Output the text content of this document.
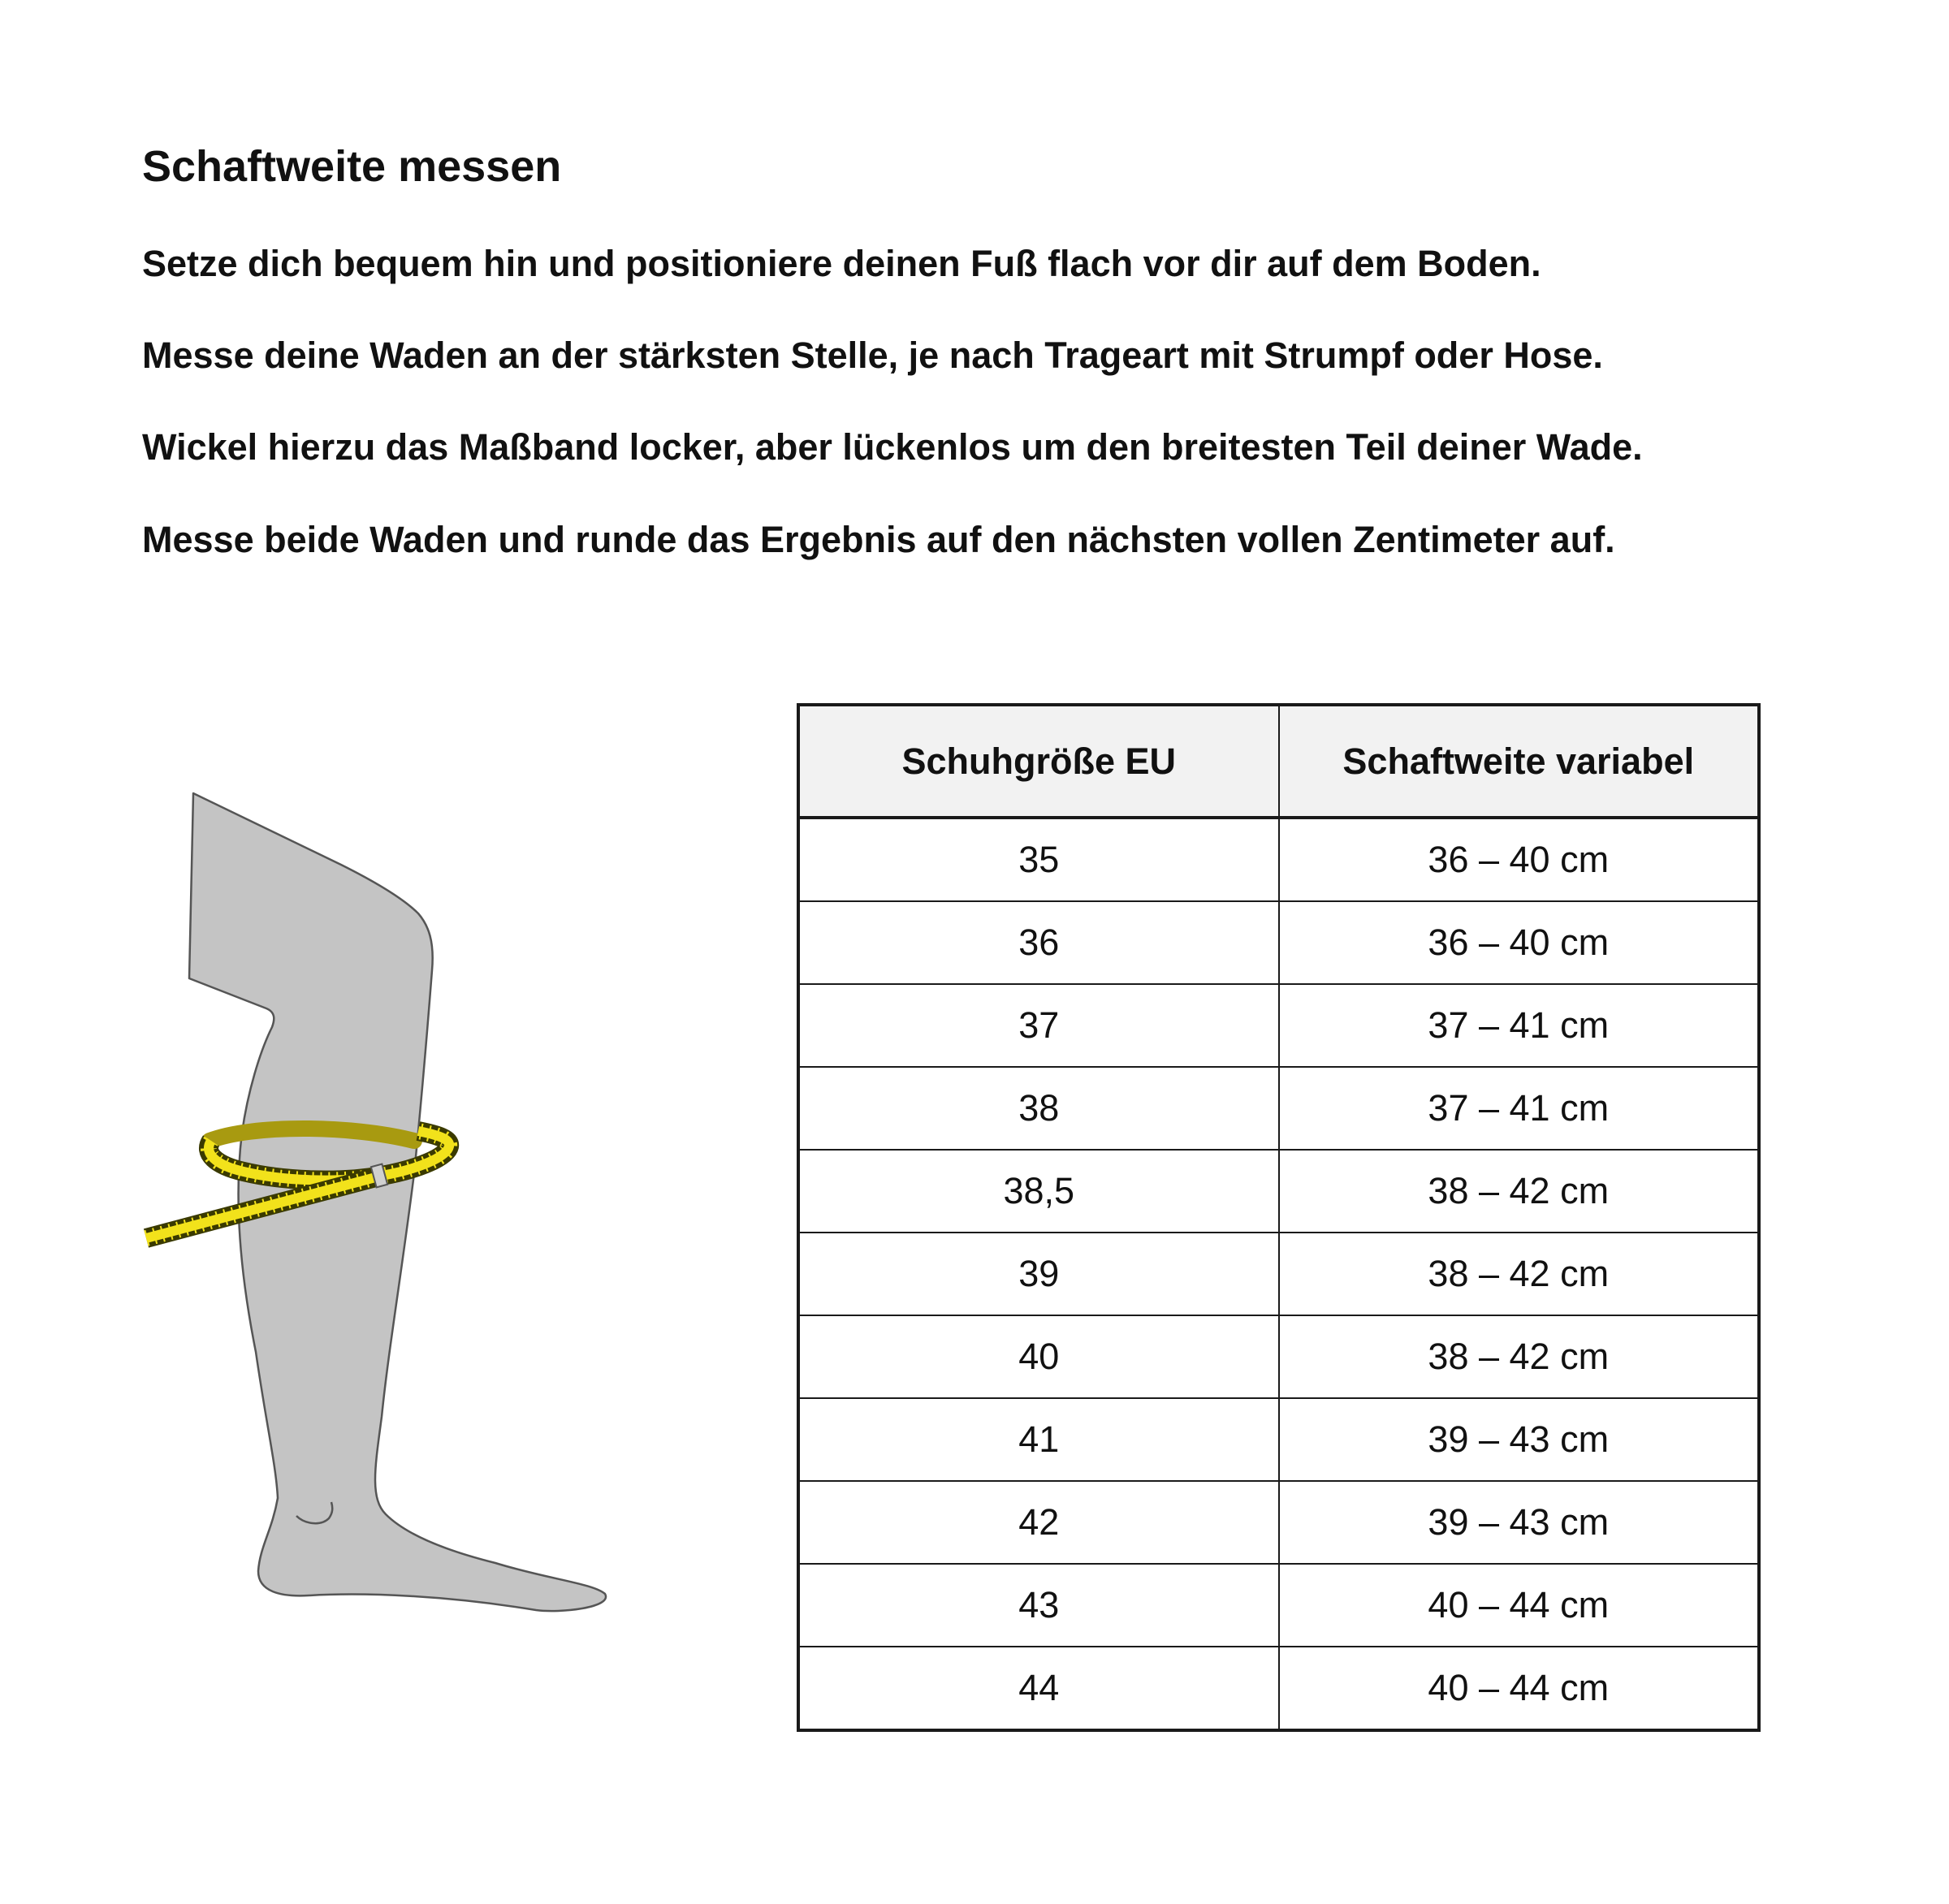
Schaftweite messen

Setze dich bequem hin und positioniere deinen Fuß flach vor dir auf dem Boden.

Messe deine Waden an der stärksten Stelle, je nach Trageart mit Strumpf oder Hose.

Wickel hierzu das Maßband locker, aber lückenlos um den breitesten Teil deiner Wade.

Messe beide Waden und runde das Ergebnis auf den nächsten vollen Zentimeter auf.

Schuhgröße EU	Schaftweite variabel
35	36 – 40 cm
36	36 – 40 cm
37	37 – 41 cm
38	37 – 41 cm
38,5	38 – 42 cm
39	38 – 42 cm
40	38 – 42 cm
41	39 – 43 cm
42	39 – 43 cm
43	40 – 44 cm
44	40 – 44 cm
